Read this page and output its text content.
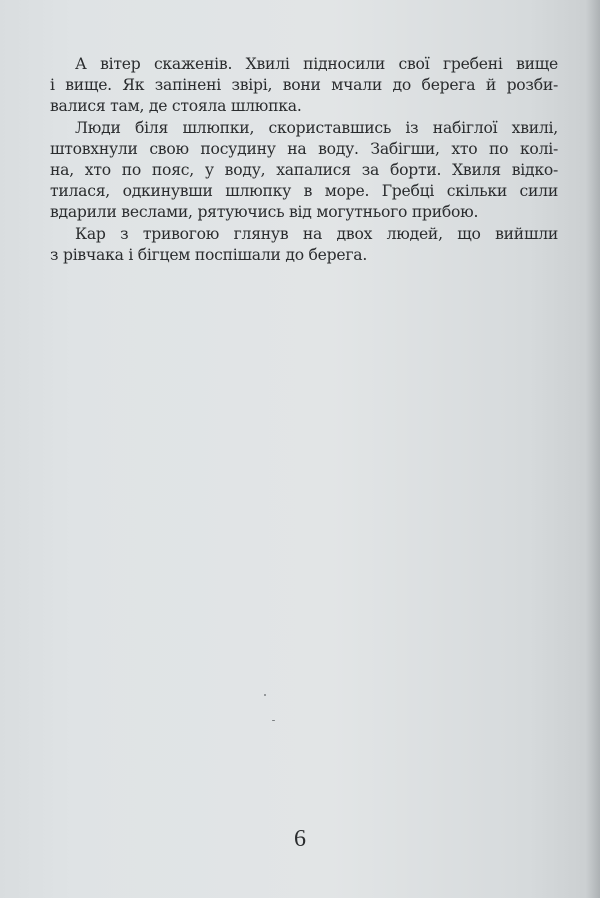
А вітер скаженів. Хвилі підносили свої гребені вище
і вище. Як запінені звірі, вони мчали до берега й розби-
валися там, де стояла шлюпка.
Люди біля шлюпки, скориставшись із набіглої хвилі,
штовхнули свою посудину на воду. Забігши, хто по колі-
на, хто по пояс, у воду, хапалися за борти. Хвиля відко-
тилася, одкинувши шлюпку в море. Гребці скільки сили
вдарили веслами, рятуючись від могутнього прибою.
Кар з тривогою глянув на двох людей, що вийшли
з рівчака і бігцем поспішали до берега.
6
